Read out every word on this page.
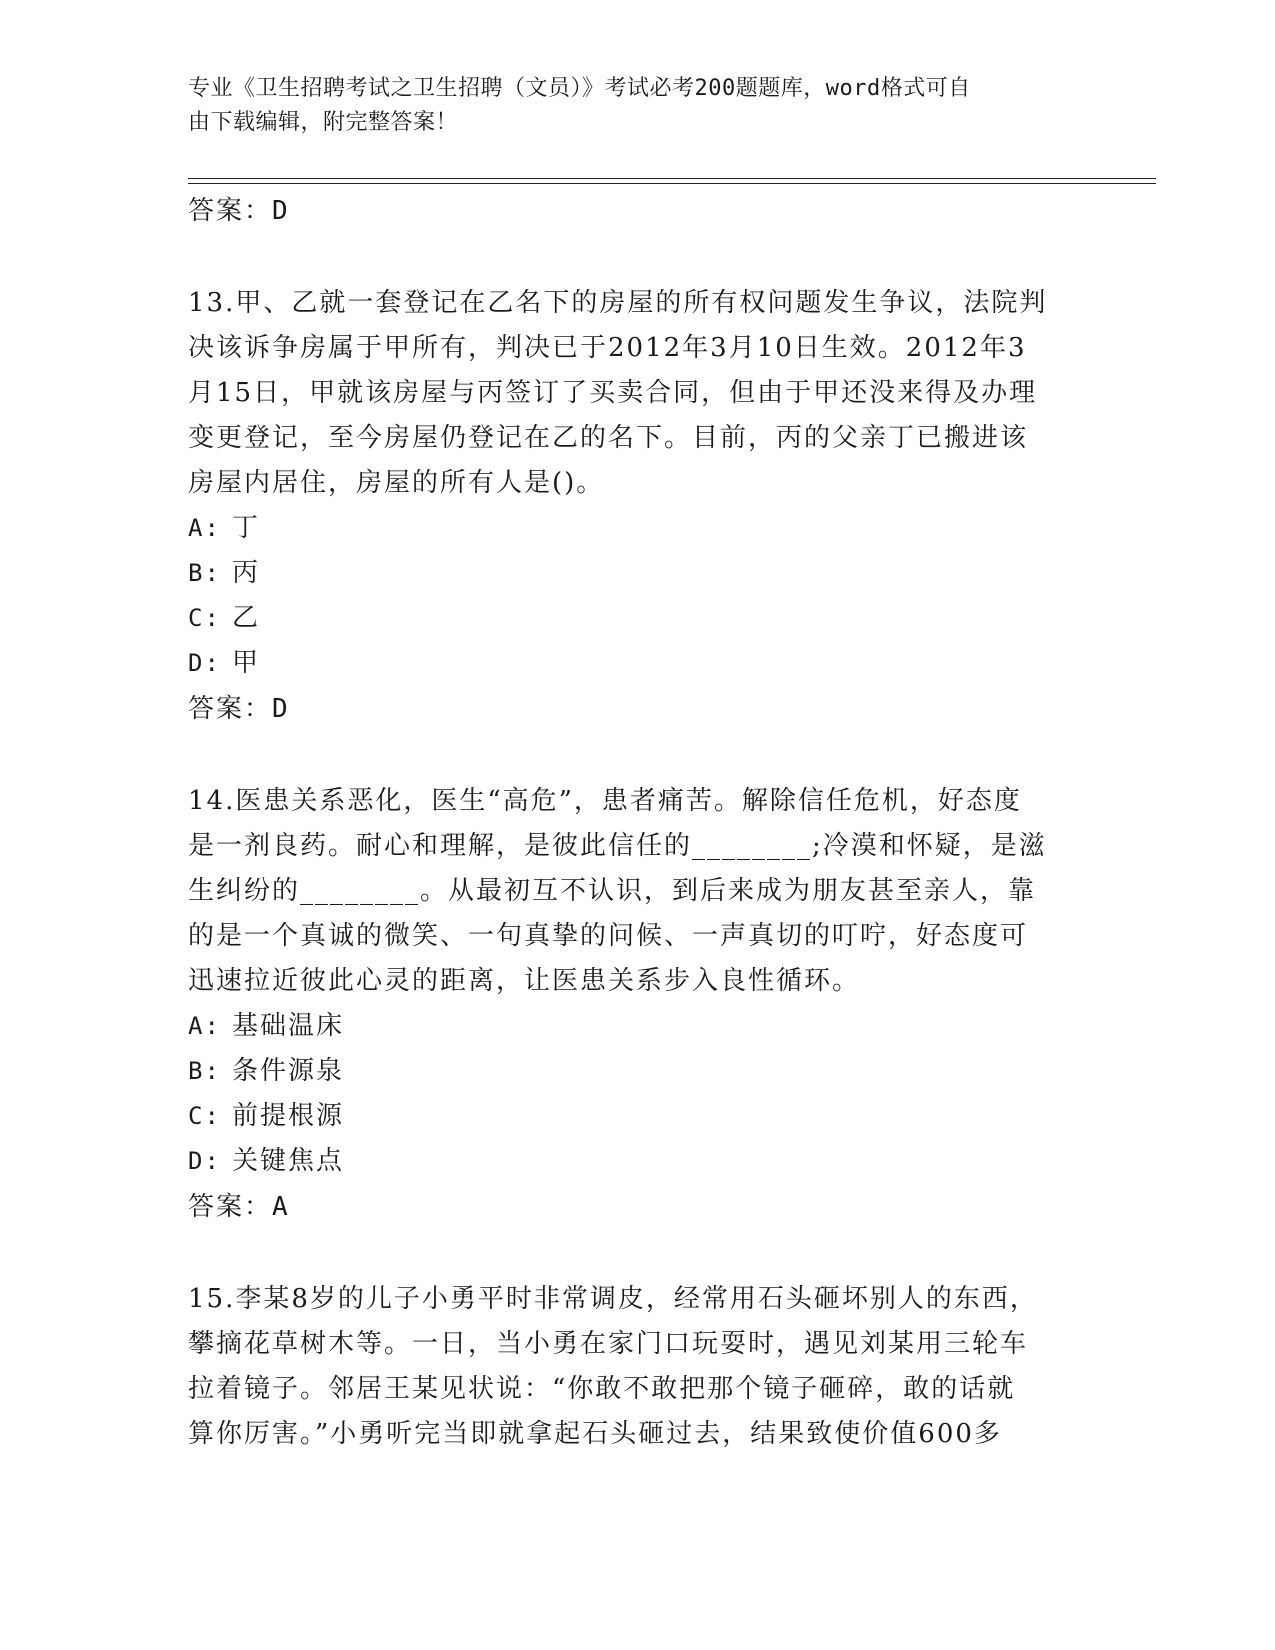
专业《卫生招聘考试之卫生招聘（文员）》考试必考200题题库，word格式可自
由下载编辑，附完整答案！
答案：D
13.甲、乙就一套登记在乙名下的房屋的所有权问题发生争议，法院判
决该诉争房属于甲所有，判决已于2012年3月10日生效。2012年3
月15日，甲就该房屋与丙签订了买卖合同，但由于甲还没来得及办理
变更登记，至今房屋仍登记在乙的名下。目前，丙的父亲丁已搬进该
房屋内居住，房屋的所有人是()。
A: 丁
B: 丙
C: 乙
D: 甲
答案：D
14.医患关系恶化，医生“高危”，患者痛苦。解除信任危机，好态度
是一剂良药。耐心和理解，是彼此信任的________;冷漠和怀疑，是滋
生纠纷的________。从最初互不认识，到后来成为朋友甚至亲人，靠
的是一个真诚的微笑、一句真挚的问候、一声真切的叮咛，好态度可
迅速拉近彼此心灵的距离，让医患关系步入良性循环。
A: 基础温床
B: 条件源泉
C: 前提根源
D: 关键焦点
答案：A
15.李某8岁的儿子小勇平时非常调皮，经常用石头砸坏别人的东西，
攀摘花草树木等。一日，当小勇在家门口玩耍时，遇见刘某用三轮车
拉着镜子。邻居王某见状说：“你敢不敢把那个镜子砸碎，敢的话就
算你厉害。”小勇听完当即就拿起石头砸过去，结果致使价值600多
